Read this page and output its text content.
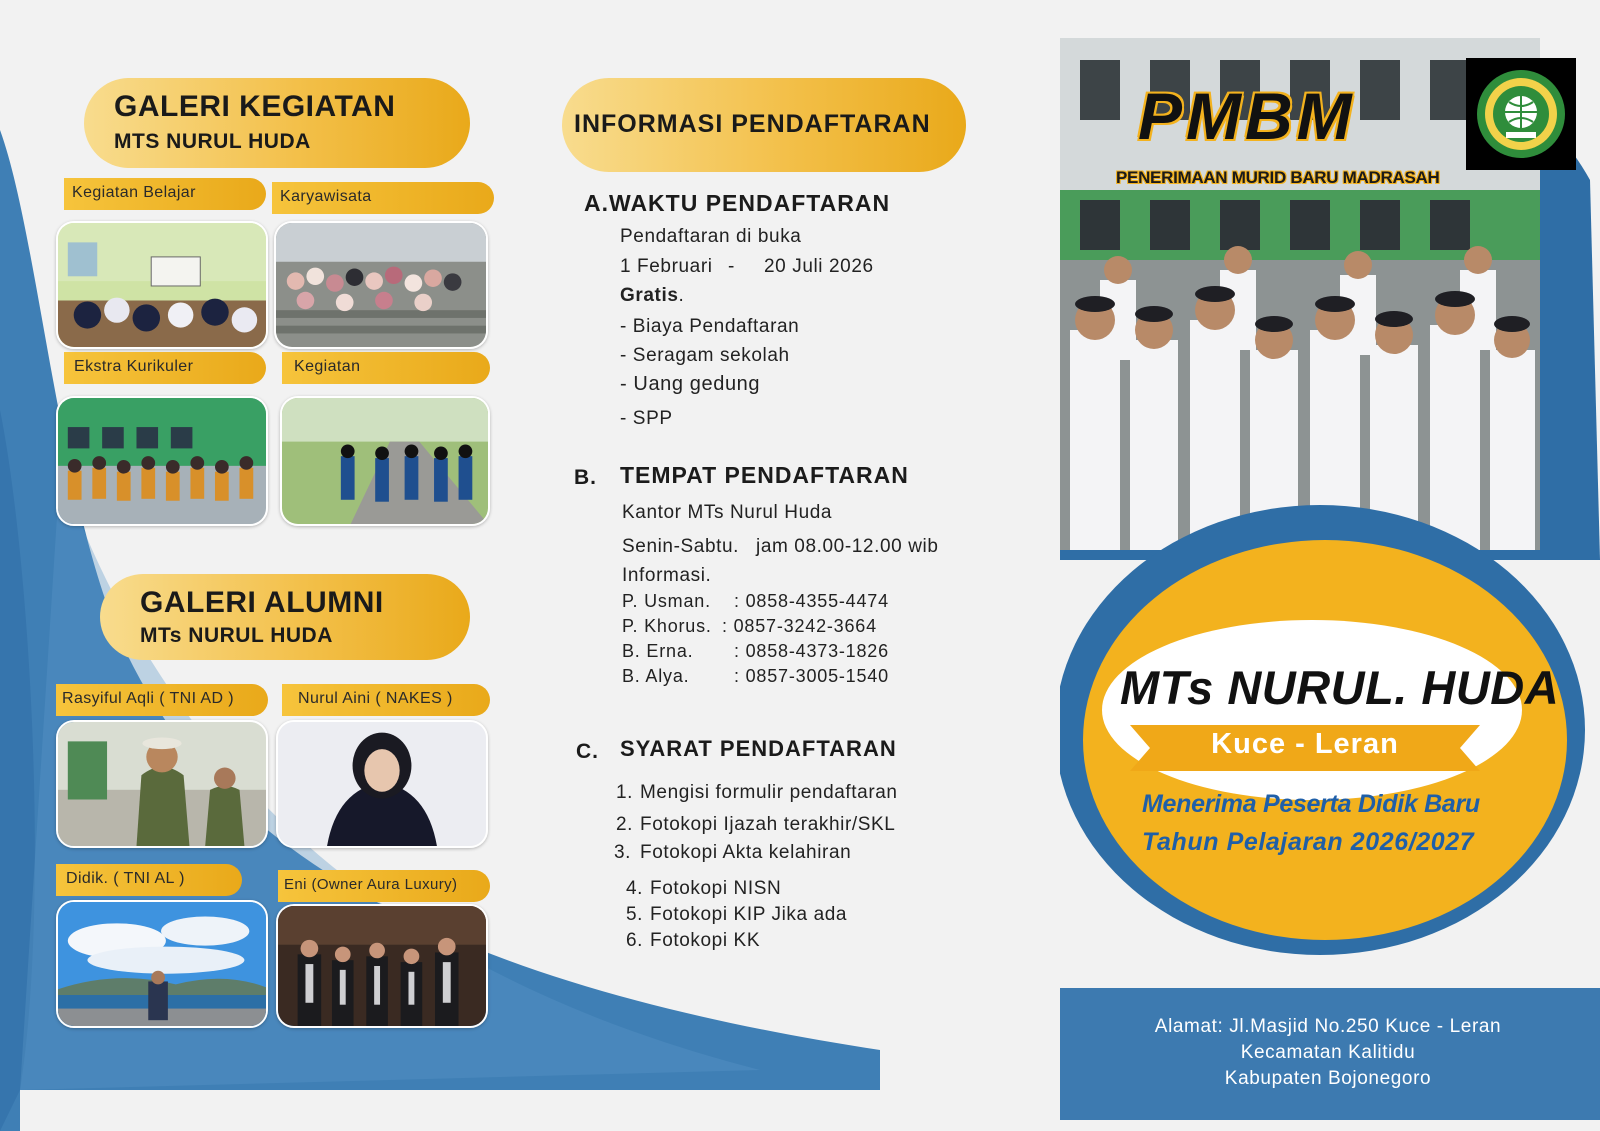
GALERI KEGIATAN
MTS NURUL HUDA
Kegiatan Belajar	Karyawisata
Ekstra Kurikuler	Kegiatan
GALERI ALUMNI
MTs NURUL HUDA
Rasyiful Aqli ( TNI AD )	Nurul Aini ( NAKES )
Didik. ( TNI AL )	Eni (Owner Aura Luxury)
INFORMASI PENDAFTARAN
A.WAKTU PENDAFTARAN
Pendaftaran di buka
1 Februari - 20 Juli 2026
Gratis.
- Biaya Pendaftaran
- Seragam sekolah
- Uang gedung
- SPP
B. TEMPAT PENDAFTARAN
Kantor MTs Nurul Huda
Senin-Sabtu. jam 08.00-12.00 wib
Informasi.
P. Usman. : 0858-4355-4474
P. Khorus. : 0857-3242-3664
B. Erna. : 0858-4373-1826
B. Alya. : 0857-3005-1540
C. SYARAT PENDAFTARAN
1. Mengisi formulir pendaftaran
2. Fotokopi Ijazah terakhir/SKL
3. Fotokopi Akta kelahiran
4. Fotokopi NISN
5. Fotokopi KIP Jika ada
6. Fotokopi KK
PMBM
PENERIMAAN MURID BARU MADRASAH
MTs NURUL. HUDA
Kuce - Leran
Menerima Peserta Didik Baru
Tahun Pelajaran 2026/2027
Alamat: Jl.Masjid No.250 Kuce - Leran
Kecamatan Kalitidu
Kabupaten Bojonegoro
